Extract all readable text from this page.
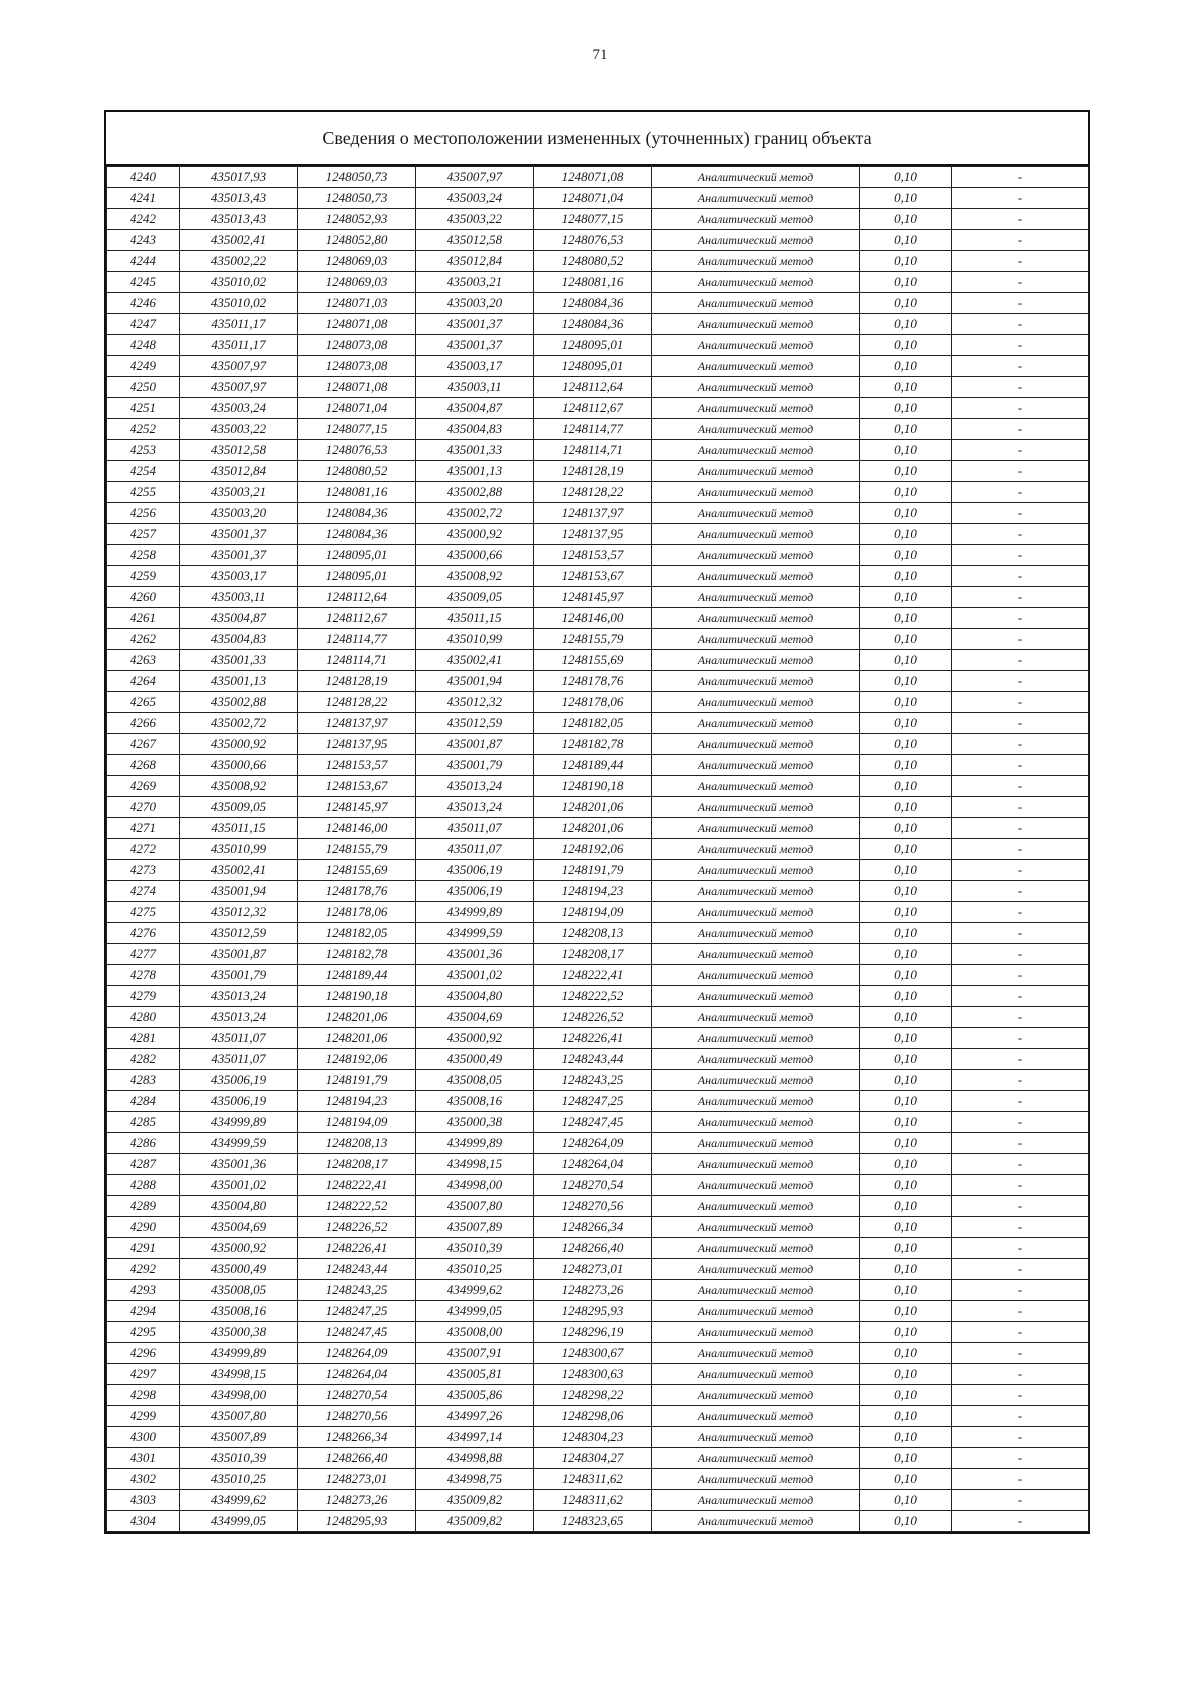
71
Сведения о местоположении измененных (уточненных) границ объекта
4240	435017,93	1248050,73	435007,97	1248071,08	Аналитический метод	0,10	-
4241	435013,43	1248050,73	435003,24	1248071,04	Аналитический метод	0,10	-
4242	435013,43	1248052,93	435003,22	1248077,15	Аналитический метод	0,10	-
4243	435002,41	1248052,80	435012,58	1248076,53	Аналитический метод	0,10	-
4244	435002,22	1248069,03	435012,84	1248080,52	Аналитический метод	0,10	-
4245	435010,02	1248069,03	435003,21	1248081,16	Аналитический метод	0,10	-
4246	435010,02	1248071,03	435003,20	1248084,36	Аналитический метод	0,10	-
4247	435011,17	1248071,08	435001,37	1248084,36	Аналитический метод	0,10	-
4248	435011,17	1248073,08	435001,37	1248095,01	Аналитический метод	0,10	-
4249	435007,97	1248073,08	435003,17	1248095,01	Аналитический метод	0,10	-
4250	435007,97	1248071,08	435003,11	1248112,64	Аналитический метод	0,10	-
4251	435003,24	1248071,04	435004,87	1248112,67	Аналитический метод	0,10	-
4252	435003,22	1248077,15	435004,83	1248114,77	Аналитический метод	0,10	-
4253	435012,58	1248076,53	435001,33	1248114,71	Аналитический метод	0,10	-
4254	435012,84	1248080,52	435001,13	1248128,19	Аналитический метод	0,10	-
4255	435003,21	1248081,16	435002,88	1248128,22	Аналитический метод	0,10	-
4256	435003,20	1248084,36	435002,72	1248137,97	Аналитический метод	0,10	-
4257	435001,37	1248084,36	435000,92	1248137,95	Аналитический метод	0,10	-
4258	435001,37	1248095,01	435000,66	1248153,57	Аналитический метод	0,10	-
4259	435003,17	1248095,01	435008,92	1248153,67	Аналитический метод	0,10	-
4260	435003,11	1248112,64	435009,05	1248145,97	Аналитический метод	0,10	-
4261	435004,87	1248112,67	435011,15	1248146,00	Аналитический метод	0,10	-
4262	435004,83	1248114,77	435010,99	1248155,79	Аналитический метод	0,10	-
4263	435001,33	1248114,71	435002,41	1248155,69	Аналитический метод	0,10	-
4264	435001,13	1248128,19	435001,94	1248178,76	Аналитический метод	0,10	-
4265	435002,88	1248128,22	435012,32	1248178,06	Аналитический метод	0,10	-
4266	435002,72	1248137,97	435012,59	1248182,05	Аналитический метод	0,10	-
4267	435000,92	1248137,95	435001,87	1248182,78	Аналитический метод	0,10	-
4268	435000,66	1248153,57	435001,79	1248189,44	Аналитический метод	0,10	-
4269	435008,92	1248153,67	435013,24	1248190,18	Аналитический метод	0,10	-
4270	435009,05	1248145,97	435013,24	1248201,06	Аналитический метод	0,10	-
4271	435011,15	1248146,00	435011,07	1248201,06	Аналитический метод	0,10	-
4272	435010,99	1248155,79	435011,07	1248192,06	Аналитический метод	0,10	-
4273	435002,41	1248155,69	435006,19	1248191,79	Аналитический метод	0,10	-
4274	435001,94	1248178,76	435006,19	1248194,23	Аналитический метод	0,10	-
4275	435012,32	1248178,06	434999,89	1248194,09	Аналитический метод	0,10	-
4276	435012,59	1248182,05	434999,59	1248208,13	Аналитический метод	0,10	-
4277	435001,87	1248182,78	435001,36	1248208,17	Аналитический метод	0,10	-
4278	435001,79	1248189,44	435001,02	1248222,41	Аналитический метод	0,10	-
4279	435013,24	1248190,18	435004,80	1248222,52	Аналитический метод	0,10	-
4280	435013,24	1248201,06	435004,69	1248226,52	Аналитический метод	0,10	-
4281	435011,07	1248201,06	435000,92	1248226,41	Аналитический метод	0,10	-
4282	435011,07	1248192,06	435000,49	1248243,44	Аналитический метод	0,10	-
4283	435006,19	1248191,79	435008,05	1248243,25	Аналитический метод	0,10	-
4284	435006,19	1248194,23	435008,16	1248247,25	Аналитический метод	0,10	-
4285	434999,89	1248194,09	435000,38	1248247,45	Аналитический метод	0,10	-
4286	434999,59	1248208,13	434999,89	1248264,09	Аналитический метод	0,10	-
4287	435001,36	1248208,17	434998,15	1248264,04	Аналитический метод	0,10	-
4288	435001,02	1248222,41	434998,00	1248270,54	Аналитический метод	0,10	-
4289	435004,80	1248222,52	435007,80	1248270,56	Аналитический метод	0,10	-
4290	435004,69	1248226,52	435007,89	1248266,34	Аналитический метод	0,10	-
4291	435000,92	1248226,41	435010,39	1248266,40	Аналитический метод	0,10	-
4292	435000,49	1248243,44	435010,25	1248273,01	Аналитический метод	0,10	-
4293	435008,05	1248243,25	434999,62	1248273,26	Аналитический метод	0,10	-
4294	435008,16	1248247,25	434999,05	1248295,93	Аналитический метод	0,10	-
4295	435000,38	1248247,45	435008,00	1248296,19	Аналитический метод	0,10	-
4296	434999,89	1248264,09	435007,91	1248300,67	Аналитический метод	0,10	-
4297	434998,15	1248264,04	435005,81	1248300,63	Аналитический метод	0,10	-
4298	434998,00	1248270,54	435005,86	1248298,22	Аналитический метод	0,10	-
4299	435007,80	1248270,56	434997,26	1248298,06	Аналитический метод	0,10	-
4300	435007,89	1248266,34	434997,14	1248304,23	Аналитический метод	0,10	-
4301	435010,39	1248266,40	434998,88	1248304,27	Аналитический метод	0,10	-
4302	435010,25	1248273,01	434998,75	1248311,62	Аналитический метод	0,10	-
4303	434999,62	1248273,26	435009,82	1248311,62	Аналитический метод	0,10	-
4304	434999,05	1248295,93	435009,82	1248323,65	Аналитический метод	0,10	-
